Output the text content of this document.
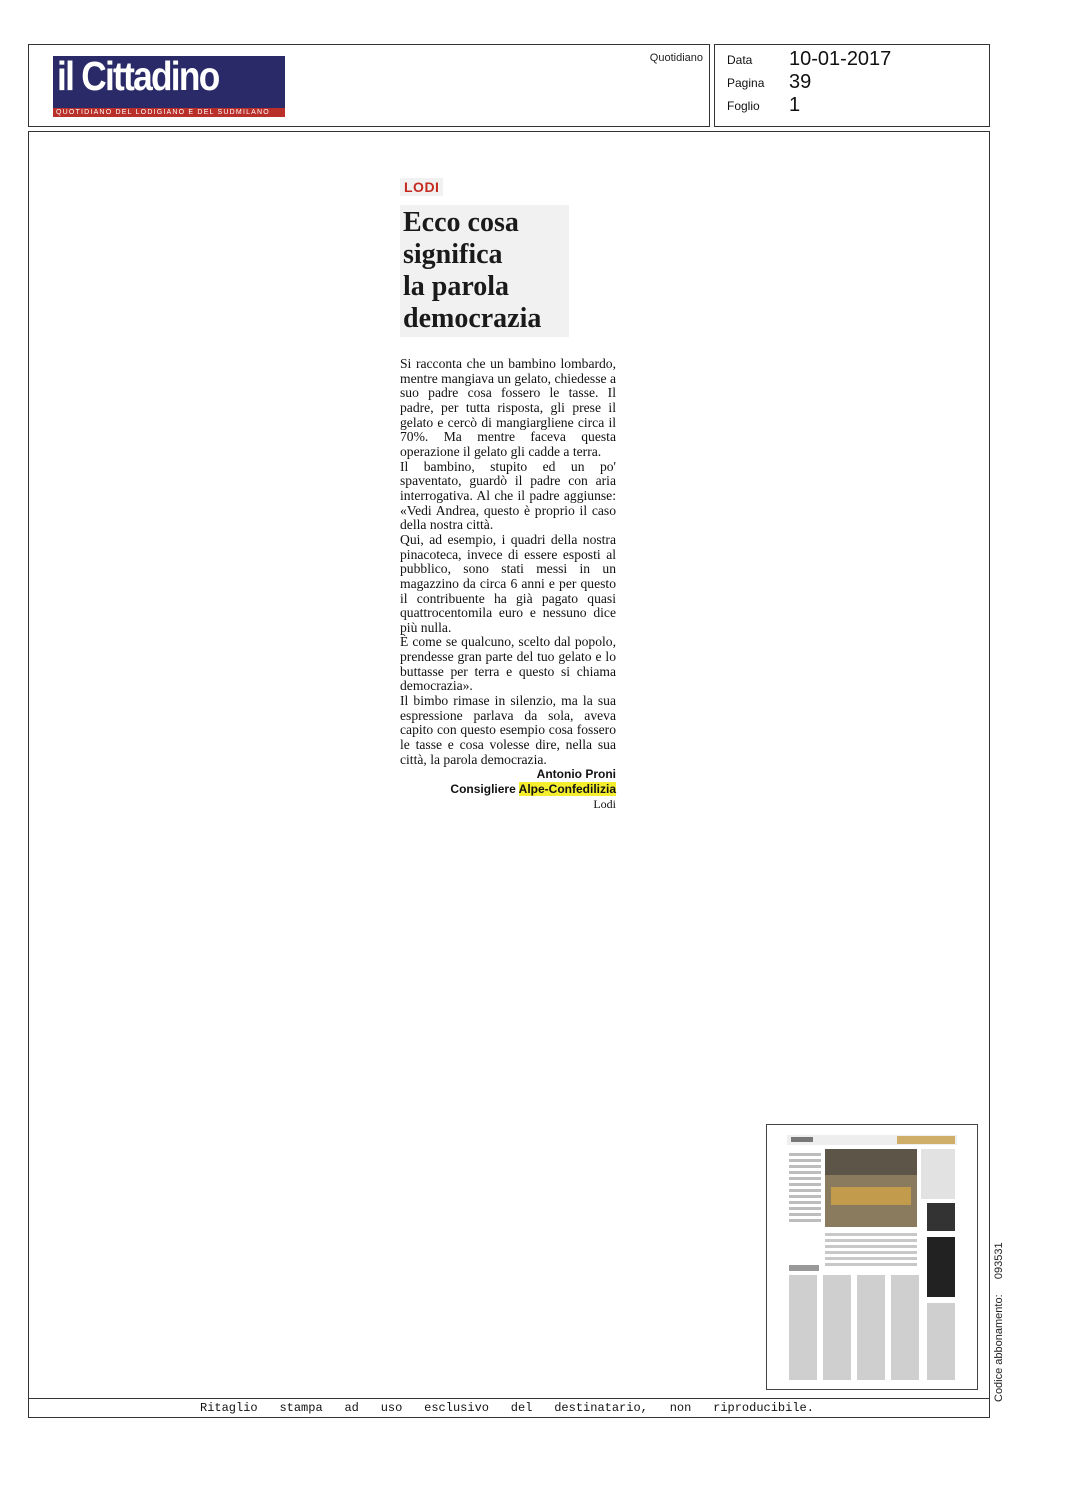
il Cittadino
QUOTIDIANO DEL LODIGIANO E DEL SUDMILANO
Quotidiano Data 10-01-2017
Pagina 39
Foglio 1
LODI
Ecco cosa
significa
la parola
democrazia

Si racconta che un bambino lombardo, mentre mangiava un gelato, chiedesse a suo padre cosa fossero le tasse. Il padre, per tutta risposta, gli prese il gelato e cercò di mangiargliene circa il 70%. Ma mentre faceva questa operazione il gelato gli cadde a terra.

Il bambino, stupito ed un po' spaventato, guardò il padre con aria interrogativa. Al che il padre aggiunse: «Vedi Andrea, questo è proprio il caso della nostra città.

Qui, ad esempio, i quadri della nostra pinacoteca, invece di essere esposti al pubblico, sono stati messi in un magazzino da circa 6 anni e per questo il contribuente ha già pagato quasi quattrocentomila euro e nessuno dice più nulla.

È come se qualcuno, scelto dal popolo, prendesse gran parte del tuo gelato e lo buttasse per terra e questo si chiama democrazia».

Il bimbo rimase in silenzio, ma la sua espressione parlava da sola, aveva capito con questo esempio cosa fossero le tasse e cosa volesse dire, nella sua città, la parola democrazia.

Antonio Proni
Consigliere Alpe-Confedilizia
Lodi
Ritaglio stampa ad uso esclusivo del destinatario, non riproducibile.
Codice abbonamento:     093531
